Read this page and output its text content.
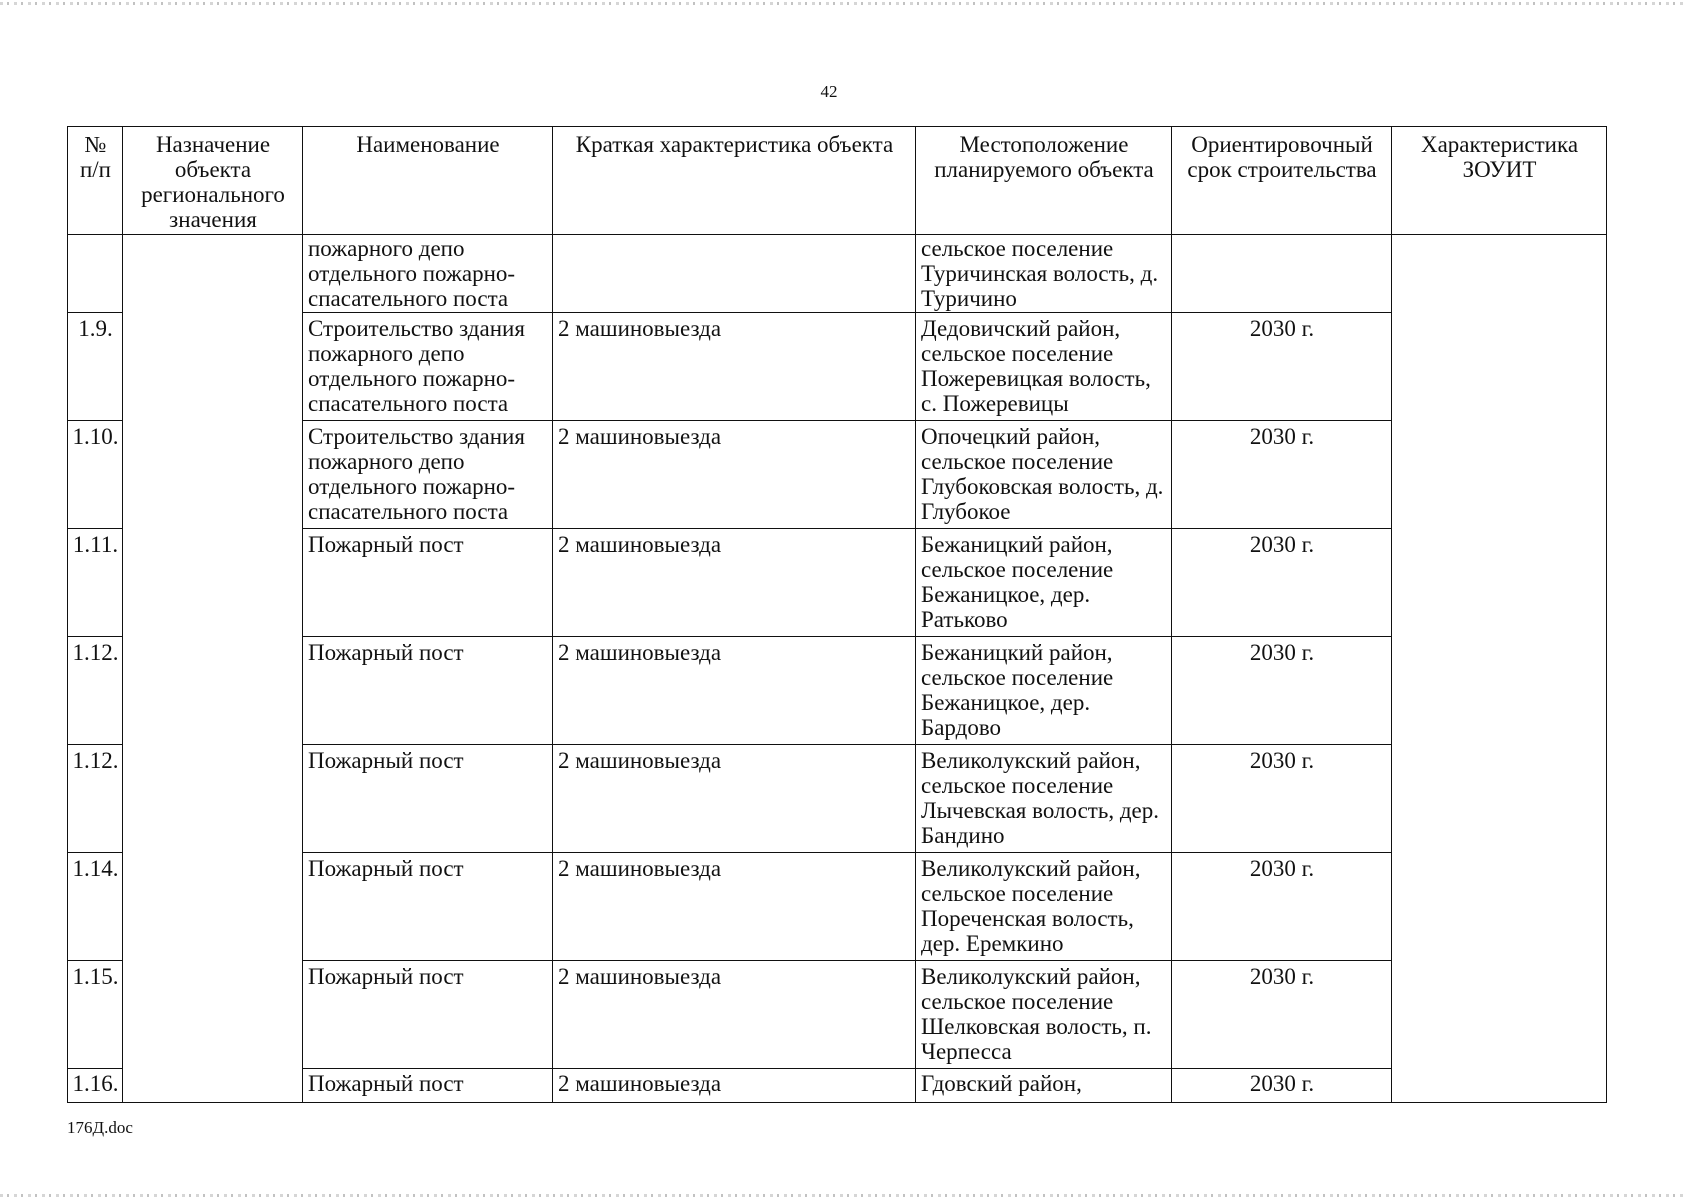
42
№ п/п	Назначение объекта регионального значения	Наименование	Краткая характеристика объекта	Местоположение планируемого объекта	Ориентировочный срок строительства	Характеристика ЗОУИТ
		пожарного депо отдельного пожарно-спасательного поста		сельское поселение Туричинская волость, д. Туричино		
1.9.		Строительство здания пожарного депо отдельного пожарно-спасательного поста	2 машиновыезда	Дедовичский район, сельское поселение Пожеревицкая волость, с. Пожеревицы	2030 г.	
1.10.		Строительство здания пожарного депо отдельного пожарно-спасательного поста	2 машиновыезда	Опочецкий район, сельское поселение Глубоковская волость, д. Глубокое	2030 г.	
1.11.		Пожарный пост	2 машиновыезда	Бежаницкий район, сельское поселение Бежаницкое, дер. Ратьково	2030 г.	
1.12.		Пожарный пост	2 машиновыезда	Бежаницкий район, сельское поселение Бежаницкое, дер. Бардово	2030 г.	
1.12.		Пожарный пост	2 машиновыезда	Великолукский район, сельское поселение Лычевская волость, дер. Бандино	2030 г.	
1.14.		Пожарный пост	2 машиновыезда	Великолукский район, сельское поселение Пореченская волость, дер. Еремкино	2030 г.	
1.15.		Пожарный пост	2 машиновыезда	Великолукский район, сельское поселение Шелковская волость, п. Черпесса	2030 г.	
1.16.		Пожарный пост	2 машиновыезда	Гдовский район,	2030 г.	
176Д.doc
